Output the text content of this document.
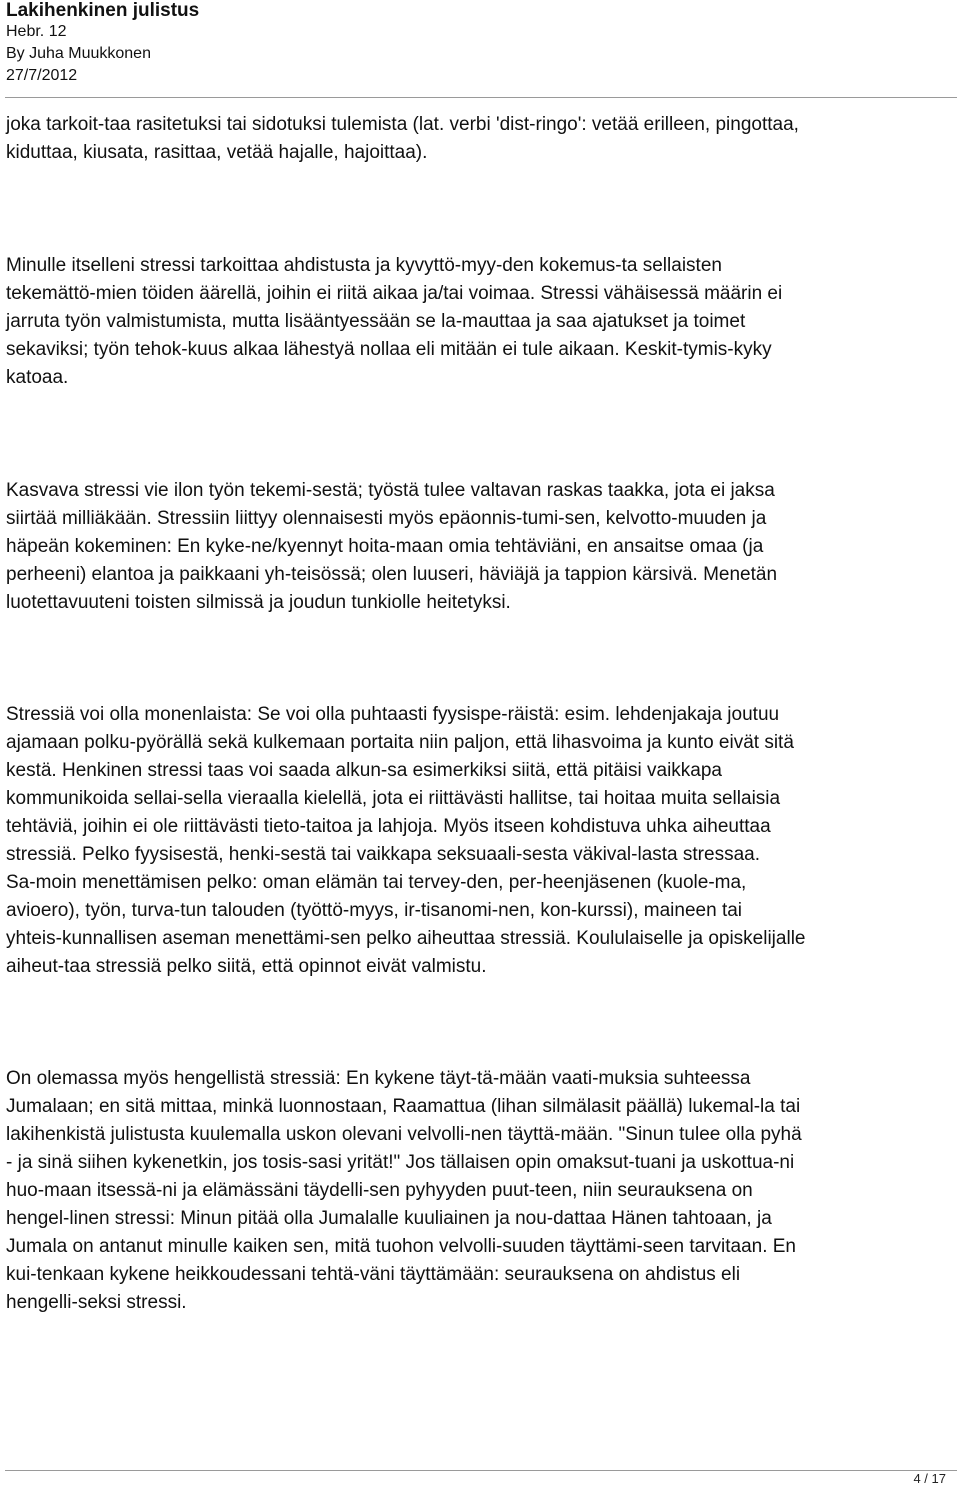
Lakihenkinen julistus
Hebr. 12
By Juha Muukkonen
27/7/2012

joka tarkoit-taa rasitetuksi tai sidotuksi tulemista (lat. verbi 'dist-ringo': vetää erilleen, pingottaa,
kiduttaa, kiusata, rasittaa, vetää hajalle, hajoittaa).

Minulle itselleni stressi tarkoittaa ahdistusta ja kyvyttö-myy-den kokemus-ta sellaisten
tekemättö-mien töiden äärellä, joihin ei riitä aikaa ja/tai voimaa. Stressi vähäisessä määrin ei
jarruta työn valmistumista, mutta lisääntyessään se la-mauttaa ja saa ajatukset ja toimet
sekaviksi; työn tehok-kuus alkaa lähestyä nollaa eli mitään ei tule aikaan. Keskit-tymis-kyky
katoaa.

Kasvava stressi vie ilon työn tekemi-sestä; työstä tulee valtavan raskas taakka, jota ei jaksa
siirtää milliäkään. Stressiin liittyy olennaisesti myös epäonnis-tumi-sen, kelvotto-muuden ja
häpeän kokeminen: En kyke-ne/kyennyt hoita-maan omia tehtäviäni, en ansaitse omaa (ja
perheeni) elantoa ja paikkaani yh-teisössä; olen luuseri, häviäjä ja tappion kärsivä. Menetän
luotettavuuteni toisten silmissä ja joudun tunkiolle heitetyksi.

Stressiä voi olla monenlaista: Se voi olla puhtaasti fyysispe-räistä: esim. lehdenjakaja joutuu
ajamaan polku-pyörällä sekä kulkemaan portaita niin paljon, että lihasvoima ja kunto eivät sitä
kestä. Henkinen stressi taas voi saada alkun-sa esimerkiksi siitä, että pitäisi vaikkapa
kommunikoida sellai-sella vieraalla kielellä, jota ei riittävästi hallitse, tai hoitaa muita sellaisia
tehtäviä, joihin ei ole riittävästi tieto-taitoa ja lahjoja. Myös itseen kohdistuva uhka aiheuttaa
stressiä. Pelko fyysisestä, henki-sestä tai vaikkapa seksuaali-sesta väkival-lasta stressaa.
Sa-moin menettämisen pelko: oman elämän tai tervey-den, per-heenjäsenen (kuole-ma,
avioero), työn, turva-tun talouden (työttö-myys, ir-tisanomi-nen, kon-kurssi), maineen tai
yhteis-kunnallisen aseman menettämi-sen pelko aiheuttaa stressiä. Koululaiselle ja opiskelijalle
aiheut-taa stressiä pelko siitä, että opinnot eivät valmistu.

On olemassa myös hengellistä stressiä: En kykene täyt-tä-mään vaati-muksia suhteessa
Jumalaan; en sitä mittaa, minkä luonnostaan, Raamattua (lihan silmälasit päällä) lukemal-la tai
lakihenkistä julistusta kuulemalla uskon olevani velvolli-nen täyttä-mään. "Sinun tulee olla pyhä
- ja sinä siihen kykenetkin, jos tosis-sasi yrität!" Jos tällaisen opin omaksut-tuani ja uskottua-ni
huo-maan itsessä-ni ja elämässäni täydelli-sen pyhyyden puut-teen, niin seurauksena on
hengel-linen stressi: Minun pitää olla Jumalalle kuuliainen ja nou-dattaa Hänen tahtoaan, ja
Jumala on antanut minulle kaiken sen, mitä tuohon velvolli-suuden täyttämi-seen tarvitaan. En
kui-tenkaan kykene heikkoudessani tehtä-väni täyttämään: seurauksena on ahdistus eli
hengelli-seksi stressi.

4 / 17
